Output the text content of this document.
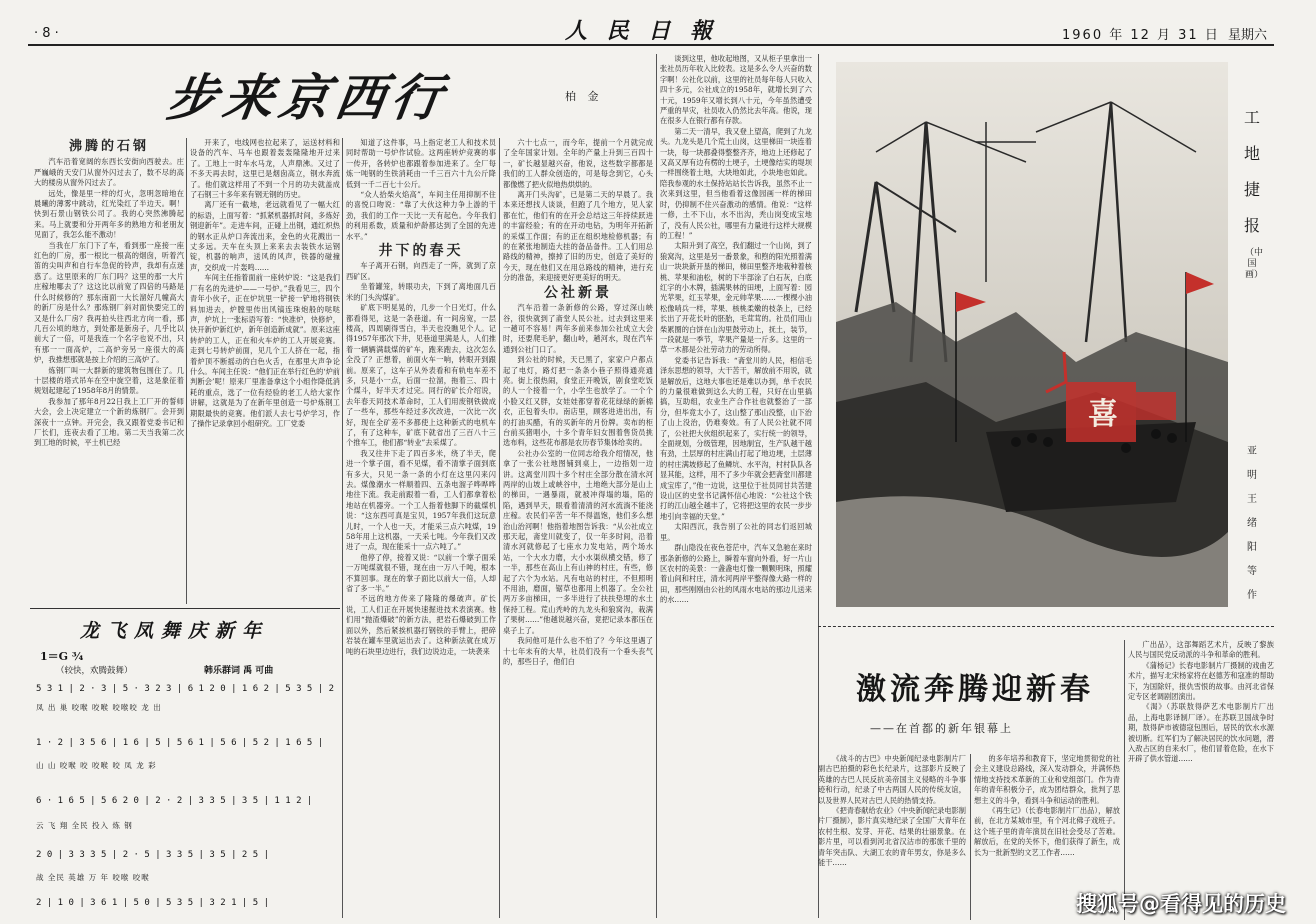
· 8 ·	人 民 日 報	1960 年 12 月 31 日 星期六
步来京西行	柏 金
沸腾的石钢

汽车沿着宽阔的东西长安街向西驶去。庄严巍峨的天安门从窗外闪过去了，数不尽的高大的楼房从窗外闪过去了。

远处，像是里一样的灯火，忽明忽暗地在晨曦的薄雾中跳动，红光染红了半边天。啊！快到石景山钢铁公司了。我的心突然沸腾起来。马上就要和分开两年多的熟地方和老朋友见面了，我怎么能不激动！

当我在厂东门下了车，看到那一座接一座红色的厂房，那一根比一根高的烟囱，听着汽笛的尖叫声和自行车急促的铃声，我却有点迷惑了。这里原来的厂东门吗？这里的那一大片庄稼地哪去了？这这比以前宽了四倍的马路是什么时候修的？那东南面一大长溜好几幢高大的新厂房是什么？那炼钢厂斜对面快要完工的又是什么厂房？我再拍头往西北方向一看，那几百公顷的地方，到处都是新房子，几乎比以前大了一倍，可是我连一个名字也说不出，只有那一一面高炉，二高炉旁另一座很大的高炉，我推想那就是按上介绍的三高炉了。

炼钢厂叫一大群新的建筑物包围住了。几十层楼的塔式吊车在空中旋空着，这是象征着规划起建起了1958年8月的情景。

我参加了那年8月22日我上工厂开的誓师大会，会上决定建立一个新的炼钢厂。会开到深夜十一点钟。开完会，我又跟着党委书记和厂长们，连夜去看了工地。第二天当我第二次到工地的时候，平土机已经

开来了，电线网也拉起来了，运送材料和设备的汽车、马车也跟着轰轰隆隆地开过来了。工地上一时车水马龙，人声鼎沸。又过了不多天再去时，这里已是烟囱高立，钢水奔流了。他们就这样用了不到一个月的功夫就盖成了石钢三十多年来有钢无钢的历史。

离厂还有一截地，老远就看见了一幅大红的标语，上面写着：“抓紧机器抓时间，多炼好钢迎新年”。走进车间，正碰上出钢，通红炽热的钢水正从炉口奔流出来，金色的火花溅出一丈多远。天车在头顶上来来去去装铁水运钢锭，机器的响声，送风的风声，铁器的碰撞声，交织成一片轰鸣……

车间主任指着面前一座转炉说：“这是我们厂有名的先进炉——一号炉。”我看见三，四个青年小伙子，正在炉坑里一铲接一铲地将钢铁料加进去，炉膛里传出风镐连珠炮般的哒哒声，炉坑上一张标语写着：“快准炉，快修炉，快开新炉新红炉，新年创造新成就”。原来这座转炉的工人，正在和火车炉的工人开展竞赛。走到七号转炉前面，见几个工人挤在一起，指着炉顶不断摇动的白色火舌，在那里大声争论什么。车间主任说：“他们正在举行红色的‘炉前判断会’呢！原来厂里准备拿这个小组作降低消耗的重点，选了一位有经验的老工人给大家作讲解，这就是为了在新年里创造一号炉炼钢工期限最快的竞赛。他们派人去七号炉学习，作了操作记录拿回小组研究。工厂党委

知道了这件事，马上指定老工人和技术员同时帮助一号炉作试验。这两座转炉竞赛的事一传开，各转炉也都跟着参加进来了。全厂每炼一吨钢的生铁消耗由一千三百六十九公斤降低到一千二百七十公斤。

“众人拾柴火焰高”，车间主任用抑制不住的喜悦口吻说：“靠了大伙这种力争上游的干劲，我们的工作一天比一天有起色。今年我们的利用系数，质量和炉龄都达到了全国的先进水平。”

井下的春天

车子离开石钢，向西走了一阵，就到了京西矿区。

坐着罐笼，转眼功夫，下到了离地面几百米的门头沟煤矿。

矿底下明晃晃的，几步一个日光灯，什么都看得见，这是一条巷道。有一间房宽，一层楼高，四周刷得雪白，半天也没瞧见个人。记得1957年那次下井，见巷道里满是人，人们推着一辆辆满载煤的矿车，跑来跑去，这次怎么全没了？正想着，前面火车一响，转眼开到跟前。原来了，这车子从外表看和有轨电车差不多，只是小一点，后面一拉溜，拖着三、四十个煤斗，好半天才过完。同行的矿长介绍说，去年春天同技术革命时，工人们用废钢铁做成了一些车，那些车经过多次改进，一次比一次好，现在全矿差不多都使上这种新式的电机车了，有了这种车，矿底下就省出了三百八十三个推车工，他们都“转业”去采煤了。

我又往井下走了四百多米，绕了半天，爬进一个掌子面，看不见煤，看不清掌子面到底有多大，只见一条一条的小灯在这里闪来闪去。煤像潮水一样顺着四、五条电溜子哗哗哗地往下流。我走前跟着一看，工人们都拿着松地站在机器旁。一个工人指着他脚下的截煤机说：“这东西可真是宝贝，1957年我们这玩意儿时，一个人也一天，才能采三点六吨煤，1958年用上这机器，一天采七吨。今年我们又改进了一点，现在能采十一点六吨了。”

他停了停，接着又说：“以前一个掌子面采一万吨煤就很不错，现在由一万八千吨，根本不算回事。现在的掌子面比以前大一倍，人却省了多一半。”

不远的地方传来了隆隆的爆破声。矿长说，工人们正在开展快速掘进技术表演赛。他们用“抛渣爆破”的新方法，把岩石爆破到工作面以外，然后紧挨机器打钢铁的手臂上，把碎岩装在罐车里就运出去了。这种新法就在成万吨的石块里边进行，我们边说边走，一块袭来

六十七点一，而今年，提前一个月就完成了全年国家计划。全年的产量上升到三百四十一，矿长越显越兴奋，他说，这些数字都都是我们的工人群众创造的，可是每念到它，心头都像燃了把火似地热烘烘的。

离开门头沟矿，已是第二天的早晨了。我本来还想找人谈谈，但跑了几个地方，见人家都在忙，他们有的在开会总结这三年持续跃进的丰富经验；有的在开动电钻，为明年开拓新的采煤工作面；有的正在组织地检修机器；有的在紧张地制造大挂的备品备件。工人们用总路线的精神，擦掉了旧的历史，创造了美好的今天，现在他们又在用总路线的精神，进行充分的准备，来迎接更好更美好的明天。

公社新景

汽车沿着一条新修的公路，穿过深山峡谷，很快就到了斋堂人民公社。过去到这里来一趟可不容易！两年多前来参加公社成立大会时，还要爬毛驴，翻山岭，趟河水，现在汽车通到公社门口了。

到公社的时候，天已黑了，家家户户都点起了电灯，路灯把一条条小巷子照得通亮通亮。街上很热闹，食堂正开晚饭，剧食堂吃饭的人一个接着一个，小学生也放学了。一个个小脸又红又胖，女娃娃都穿着花花绿绿的新棉衣，正包着头巾。南店里，顾客进进出出，有的打油买醋，有的买新年的月份牌。卖布的柜台前买猪唱小，十多个青年妇女围着售货员挑选布料，这些花布都是农历春节集体给卖的。

公社办公室的一位同志给我介绍情况，他拿了一张公社地图铺到桌上，一边指划一边讲。这离堂川四十多个村庄全部分散在清水河两岸的山坡上或峡谷中，土地绝大部分是山上的梯田，一遇暴雨，就被冲得塌的塌，陷的陷，遇到旱天，眼看着清清的河水流淌不能浇庄稼。农民们辛苦一年不得温饱，他们多么想治山治河啊！他指着地图告诉我：“从公社成立那天起，斋堂川就变了，仅一年多时间，沿着清水河就修起了七座水力发电站，两个场水站，一个大水力磨，大小水渠纵横交错，修了一半，那些在高山上有山神的村庄，有些，修起了六个为水站。凡有电站的村庄，不但照明不用油，磨面，锯草也都用上机器了。全公社两万多亩梯田，一多半进行了扶扶垫埋的水土保持工程。荒山秃岭的九龙头和狼窝沟，栽满了果树……”他越说越兴奋，竟把记录本都压在桌子上了。

我问他可是什么也不怕了？今年这里遇了十七年未有的大旱，社员们没有一个垂头丧气的，那些日子，他们白

谈到这里，他收起地图，又从柜子里拿出一张社员历年收入比较表。这是多么令人兴奋的数字啊！公社化以前，这里的社员每年每人只收入四十多元，公社成立的1958年，就增长到了六十元，1959年又增长到八十元，今年虽然遭受严重的旱灾，社员收入仍然比去年高。他说，现在很多人在银行都有存款。

第二天一清早，我又登上望高，爬到了九龙头。九龙头是几个荒土山岗，这里梯田一块连着一块，每一块都叠得整整齐齐，地边上还修起了又高又厚有边有楞的土埂子，土埂像结实的堤坝一样围绕着土地，大块地如此，小块地也如此。陪我参观的水土保持站站长告诉我，虽然不止一次来到这里，但当他看着这像园画一样的梯田时，仍抑制不住兴奋激动的感情。他说：“这样一修，土不下山，水不出沟，秃山岗变成宝地了，没有人民公社，哪里有力量进行这样大规模的工程！”

太阳升到了高空，我们翻过一个山岗，到了狼窝沟，这里是另一番景象，和煦的阳光照着满山一块块新开垦的梯田，梯田里整齐地栽种着核桃、苹果和油松，树的下半部涂了白石灰，白底红字的小木牌，插满果林的田埂，上面写着：园光苹果，红玉苹果，金元帅苹果……一棵棵小油松像哨兵一样，苹果、核桃柔嫩的枝条上，已经长出了开花长叶的胚胎，毛茸茸的。社员们用山柴累圈的白饼在山沟里鼓劳动上，抚土，装节，一段就是一季节，苹果产量是一斤多。这里的一草一木都是公社劳动力的劳动所得。

党委书记告诉我：“斋堂川的人民，相信毛泽东思想的领导，大干苦干，解放前不用说，就是解放后，这地大事也还是难以办到，单千农民的力量很难做到这么大的工程，只好在山里搞搞，互助组，农业生产合作社也就整治了一部分，但毕竟太小了，这山整了那山没整，山下治了山上没治，仍难奏效。有了人民公社就不同了，公社把大伙组织起来了，实行统一的领导，全面规划，分级管理，因地制宜，生产队越干越有劲，土层厚的村庄满山打起了地边埂，土层薄的村庄满坡修起了鱼鳞坑、水平沟，村村队队各显其能，这样，用不了多少年就会把斋堂川都建成宝库了，”他一边说，这里位于社员同甘共苦建设山区的史堂书记满怀信心地说：“公社这个铁打的江山越全越丰了，它将把这里的农民一步步地引向幸福的天堂。”

太阳西沉，我告别了公社的同志们返回城里。

群山隐没在夜色苍茫中，汽车又急驰在来时那条新修的公路上，瞬着车窗向外看，好一片山区农村的美景：一盏盏电灯像一颗颗明珠，照耀着山间和村庄，清水河两岸平整得像大路一样的田，那些刚刚由公社的风雨水电站的那边儿送来的水……

龙飞凤舞庆新年
1＝G ¾
（较快，欢腾鼓舞）	韩乐群词 禹 可曲
5 3 1 | 2 · 3 | 5 · 3 2 3 | 6 1 2 0 | 1 6 2 | 5 3 5 | 2
凤 出 巢 咬喉 咬喉 咬喉咬 龙 出
1 · 2 | 3 5 6 | 1 6 | 5 | 5 6 1 | 5 6 | 5 2 | 1 6 5 |
山 山 咬喉 咬 咬喉 咬 凤 龙 彩
6 · 1 6 5 | 5 6 2 0 | 2 · 2 | 3 3 5 | 3 5 | 1 1 2 |
云 飞 翔 全民 投入 炼 钢
2 0 | 3 3 3 5 | 2 · 5 | 3 3 5 | 3 5 | 2 5 |
战 全民 英雄 万 年 咬喉 咬喉
2 | 1 0 | 3 6 1 | 5 0 | 5 3 5 | 3 2 1 | 5 |
喜
工地捷报
（中国画）
亚明 王绪阳 等作
激流奔腾迎新春
——在首都的新年银幕上

《战斗的古巴》中央新闻纪录电影制片厂副古巴拍摄的彩色长纪录片，这部影片反映了英雄的古巴人民反抗美帝国主义侵略的斗争事迹和行动，纪录了中古两国人民的传统友谊，以及世界人民对古巴人民的热情支持。

《把青春献给农业》（中央新闻纪录电影制片厂摄制），影片真实地纪录了全国广大青年在农村生根、发芽、开花、结果的壮丽景象。在影片里，可以看到河北省汉沽市的那旅千里的青年突击队、大湖工农的青年男女，你是多么能干……

的多年培养和教育下，坚定地贯彻党的社会主义建设总路线，深入发动群众，并满怀热情地支持技术革新的工业和党组部门。作为青年的青年积极分子，成为团结群众，批判了思想主义的斗争，看到斗争和运动的胜利。

《再生记》（长春电影制片厂出品），解放前，在北方某城市里，有个河北佛子戏班子。这个班子里的青年演员在旧社会受尽了苦难。解放后，在党的关怀下，他们获得了新生，成长为一批新型的文艺工作者……

广出品），这部舞蹈艺术片，反映了黎族人民与国民党反动派的斗争和革命的胜利。

《蒲杨记》长春电影制片厂摄制的戏曲艺术片，描写北宋杨家将在赵德芳和寇准的帮助下，为国除奸，报仇雪恨的故事。由河北省保定专区老调剧团演出。

《渴》（苏联敖得萨艺术电影制片厂出品，上海电影译制厂译）。在苏联卫国战争时期，敖得萨市被德寇包围后，居民的饮水水源被切断。红军们为了解决居民的饮水问题，潜入敌占区的自来水厂，他们冒着危险，在水下开辟了供水管道……

搜狐号@看得见的历史
